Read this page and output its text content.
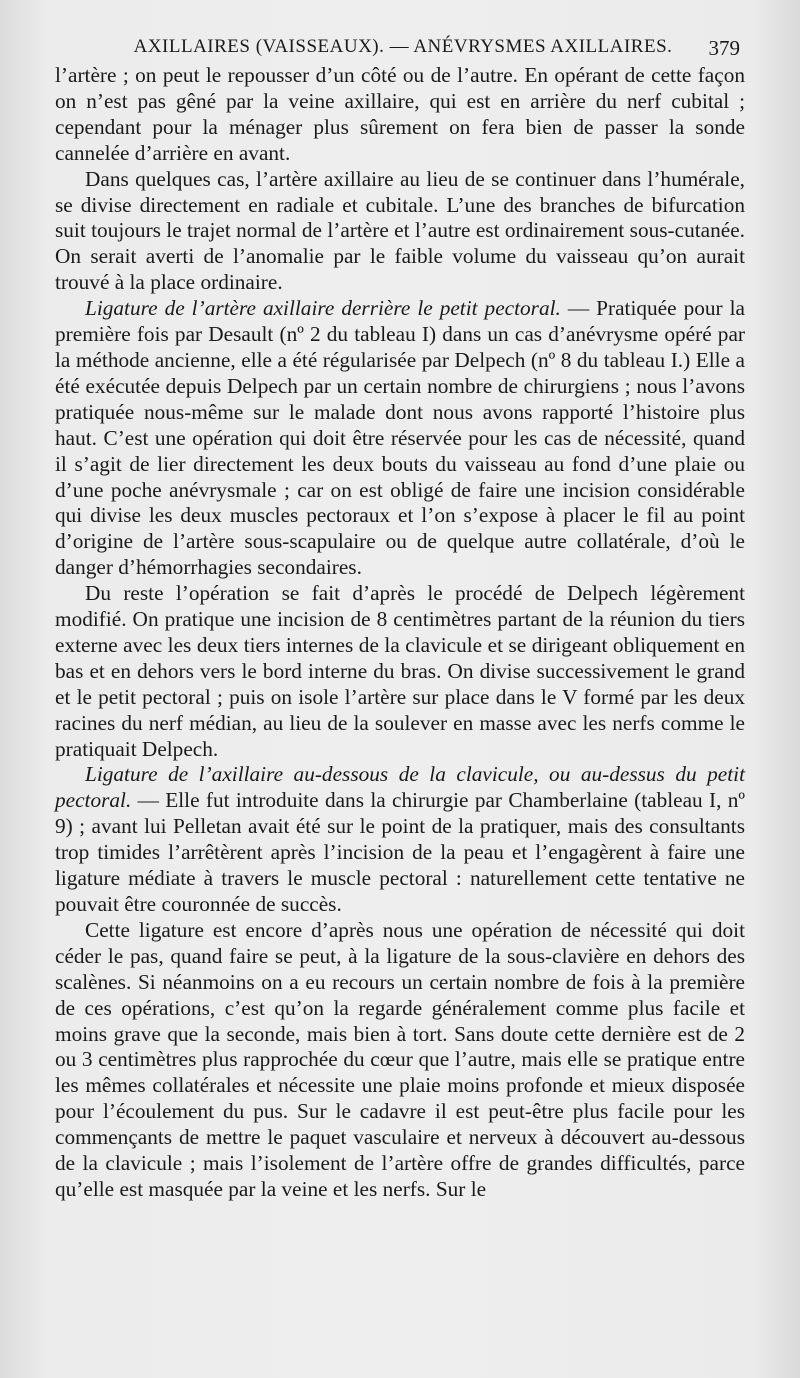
AXILLAIRES (VAISSEAUX). — ANÉVRYSMES AXILLAIRES.	379

l’artère ; on peut le repousser d’un côté ou de l’autre. En opérant de cette façon on n’est pas gêné par la veine axillaire, qui est en arrière du nerf cubital ; cependant pour la ménager plus sûrement on fera bien de passer la sonde cannelée d’arrière en avant.

Dans quelques cas, l’artère axillaire au lieu de se continuer dans l’humérale, se divise directement en radiale et cubitale. L’une des branches de bifurcation suit toujours le trajet normal de l’artère et l’autre est ordinairement sous-cutanée. On serait averti de l’anomalie par le faible volume du vaisseau qu’on aurait trouvé à la place ordinaire.

Ligature de l’artère axillaire derrière le petit pectoral. — Pratiquée pour la première fois par Desault (nº 2 du tableau I) dans un cas d’anévrysme opéré par la méthode ancienne, elle a été régularisée par Delpech (nº 8 du tableau I.) Elle a été exécutée depuis Delpech par un certain nombre de chirurgiens ; nous l’avons pratiquée nous-même sur le malade dont nous avons rapporté l’histoire plus haut. C’est une opération qui doit être réservée pour les cas de nécessité, quand il s’agit de lier directement les deux bouts du vaisseau au fond d’une plaie ou d’une poche anévrysmale ; car on est obligé de faire une incision considérable qui divise les deux muscles pectoraux et l’on s’expose à placer le fil au point d’origine de l’artère sous-scapulaire ou de quelque autre collatérale, d’où le danger d’hémorrhagies secondaires.

Du reste l’opération se fait d’après le procédé de Delpech légèrement modifié. On pratique une incision de 8 centimètres partant de la réunion du tiers externe avec les deux tiers internes de la clavicule et se dirigeant obliquement en bas et en dehors vers le bord interne du bras. On divise successivement le grand et le petit pectoral ; puis on isole l’artère sur place dans le V formé par les deux racines du nerf médian, au lieu de la soulever en masse avec les nerfs comme le pratiquait Delpech.

Ligature de l’axillaire au-dessous de la clavicule, ou au-dessus du petit pectoral. — Elle fut introduite dans la chirurgie par Chamberlaine (tableau I, nº 9) ; avant lui Pelletan avait été sur le point de la pratiquer, mais des consultants trop timides l’arrêtèrent après l’incision de la peau et l’engagèrent à faire une ligature médiate à travers le muscle pectoral : naturellement cette tentative ne pouvait être couronnée de succès.

Cette ligature est encore d’après nous une opération de nécessité qui doit céder le pas, quand faire se peut, à la ligature de la sous-clavière en dehors des scalènes. Si néanmoins on a eu recours un certain nombre de fois à la première de ces opérations, c’est qu’on la regarde généralement comme plus facile et moins grave que la seconde, mais bien à tort. Sans doute cette dernière est de 2 ou 3 centimètres plus rapprochée du cœur que l’autre, mais elle se pratique entre les mêmes collatérales et nécessite une plaie moins profonde et mieux disposée pour l’écoulement du pus. Sur le cadavre il est peut-être plus facile pour les commençants de mettre le paquet vasculaire et nerveux à découvert au-dessous de la clavicule ; mais l’isolement de l’artère offre de grandes difficultés, parce qu’elle est masquée par la veine et les nerfs. Sur le
